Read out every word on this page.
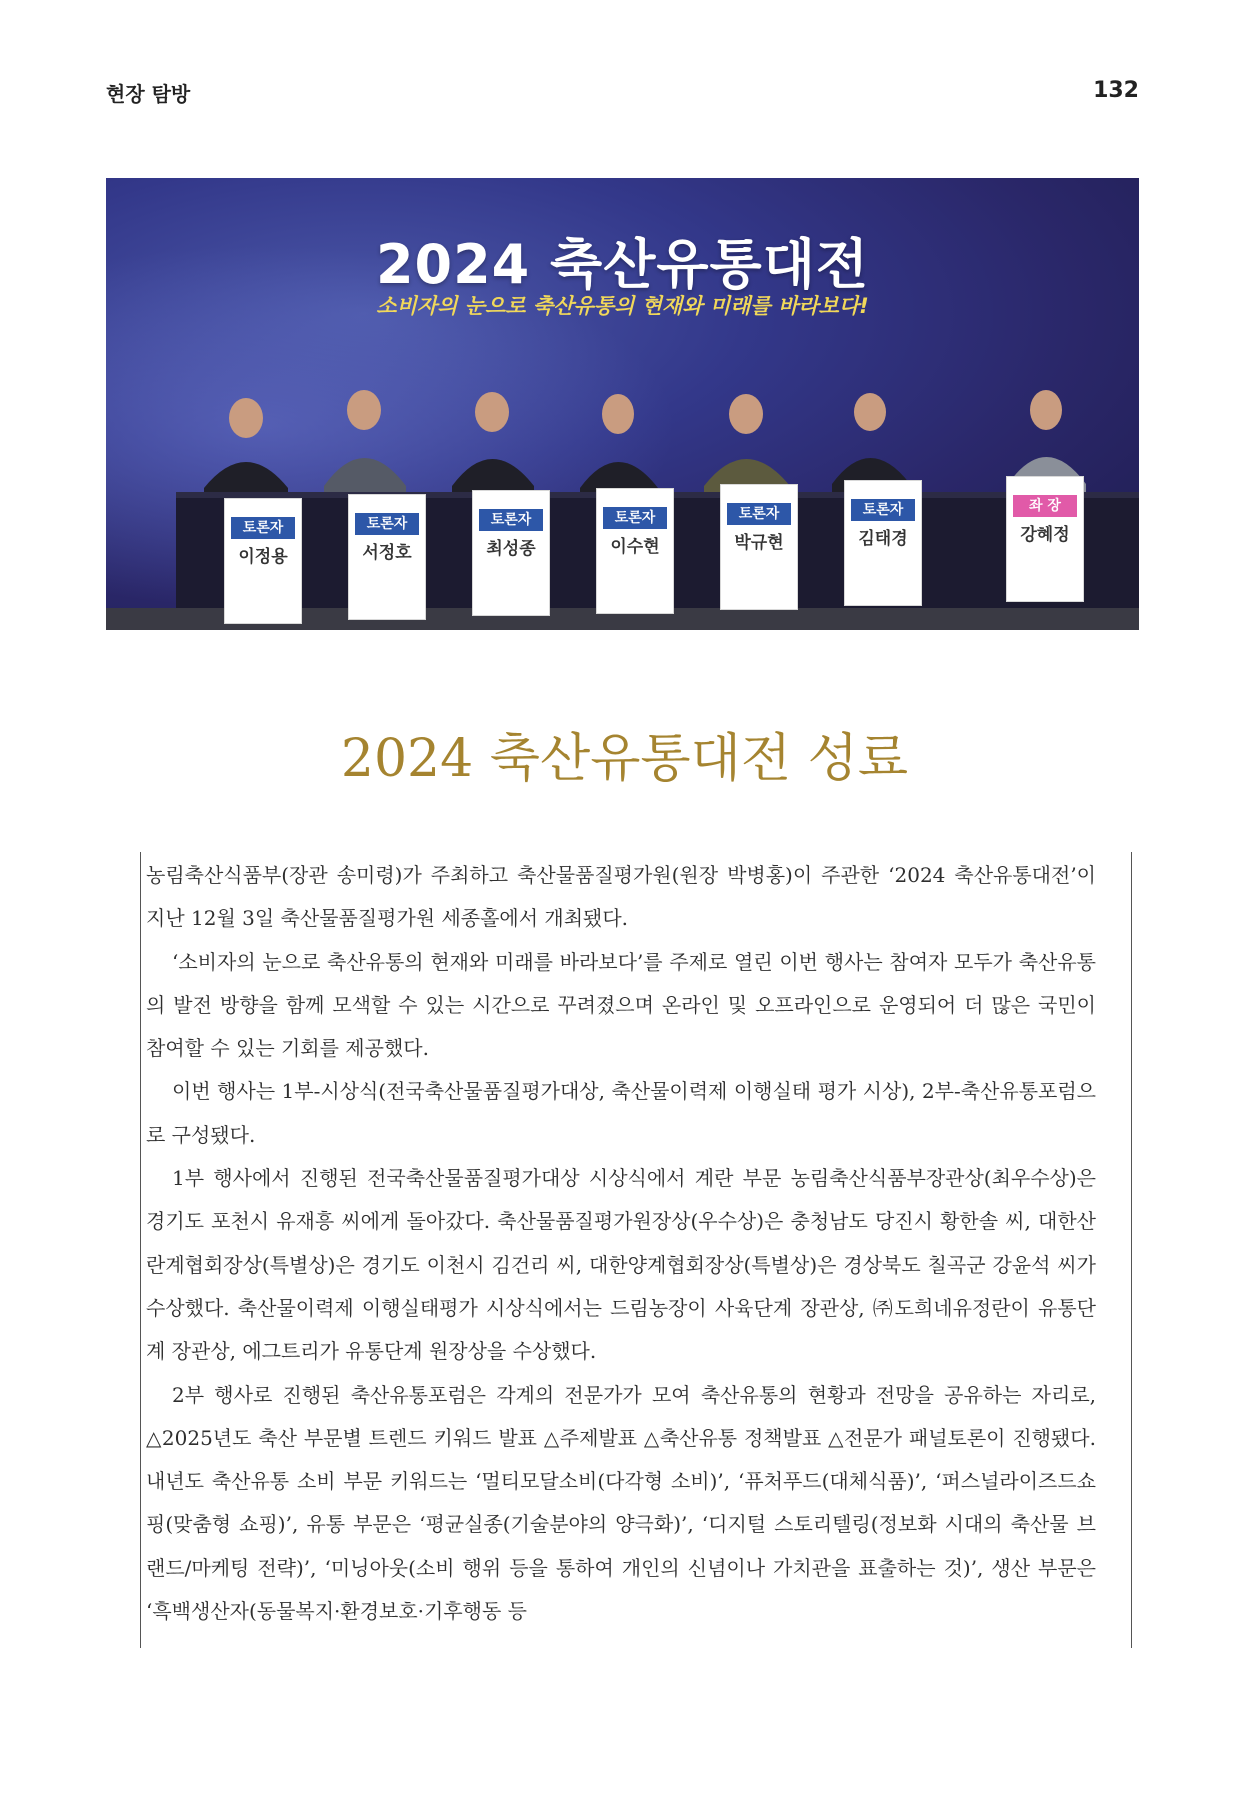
현장 탐방	132
2024 축산유통대전
소비자의 눈으로 축산유통의 현재와 미래를 바라보다!
토론자
이정용
토론자
서정호
토론자
최성종
토론자
이수현
토론자
박규현
토론자
김태경
좌 장
강혜정
2024 축산유통대전 성료

농림축산식품부(장관 송미령)가 주최하고 축산물품질평가원(원장 박병홍)이 주관한 ‘2024 축산유통대전’이 지난 12월 3일 축산물품질평가원 세종홀에서 개최됐다.

‘소비자의 눈으로 축산유통의 현재와 미래를 바라보다’를 주제로 열린 이번 행사는 참여자 모두가 축산유통의 발전 방향을 함께 모색할 수 있는 시간으로 꾸려졌으며 온라인 및 오프라인으로 운영되어 더 많은 국민이 참여할 수 있는 기회를 제공했다.

이번 행사는 1부-시상식(전국축산물품질평가대상, 축산물이력제 이행실태 평가 시상), 2부-축산유통포럼으로 구성됐다.

1부 행사에서 진행된 전국축산물품질평가대상 시상식에서 계란 부문 농림축산식품부장관상(최우수상)은 경기도 포천시 유재흥 씨에게 돌아갔다. 축산물품질평가원장상(우수상)은 충청남도 당진시 황한솔 씨, 대한산란계협회장상(특별상)은 경기도 이천시 김건리 씨, 대한양계협회장상(특별상)은 경상북도 칠곡군 강윤석 씨가 수상했다. 축산물이력제 이행실태평가 시상식에서는 드림농장이 사육단계 장관상, ㈜도희네유정란이 유통단계 장관상, 에그트리가 유통단계 원장상을 수상했다.

2부 행사로 진행된 축산유통포럼은 각계의 전문가가 모여 축산유통의 현황과 전망을 공유하는 자리로, △2025년도 축산 부문별 트렌드 키워드 발표 △주제발표 △축산유통 정책발표 △전문가 패널토론이 진행됐다. 내년도 축산유통 소비 부문 키워드는 ‘멀티모달소비(다각형 소비)’, ‘퓨처푸드(대체식품)’, ‘퍼스널라이즈드쇼핑(맞춤형 쇼핑)’, 유통 부문은 ‘평균실종(기술분야의 양극화)’, ‘디지털 스토리텔링(정보화 시대의 축산물 브랜드/마케팅 전략)’, ‘미닝아웃(소비 행위 등을 통하여 개인의 신념이나 가치관을 표출하는 것)’, 생산 부문은 ‘흑백생산자(동물복지·환경보호·기후행동 등
